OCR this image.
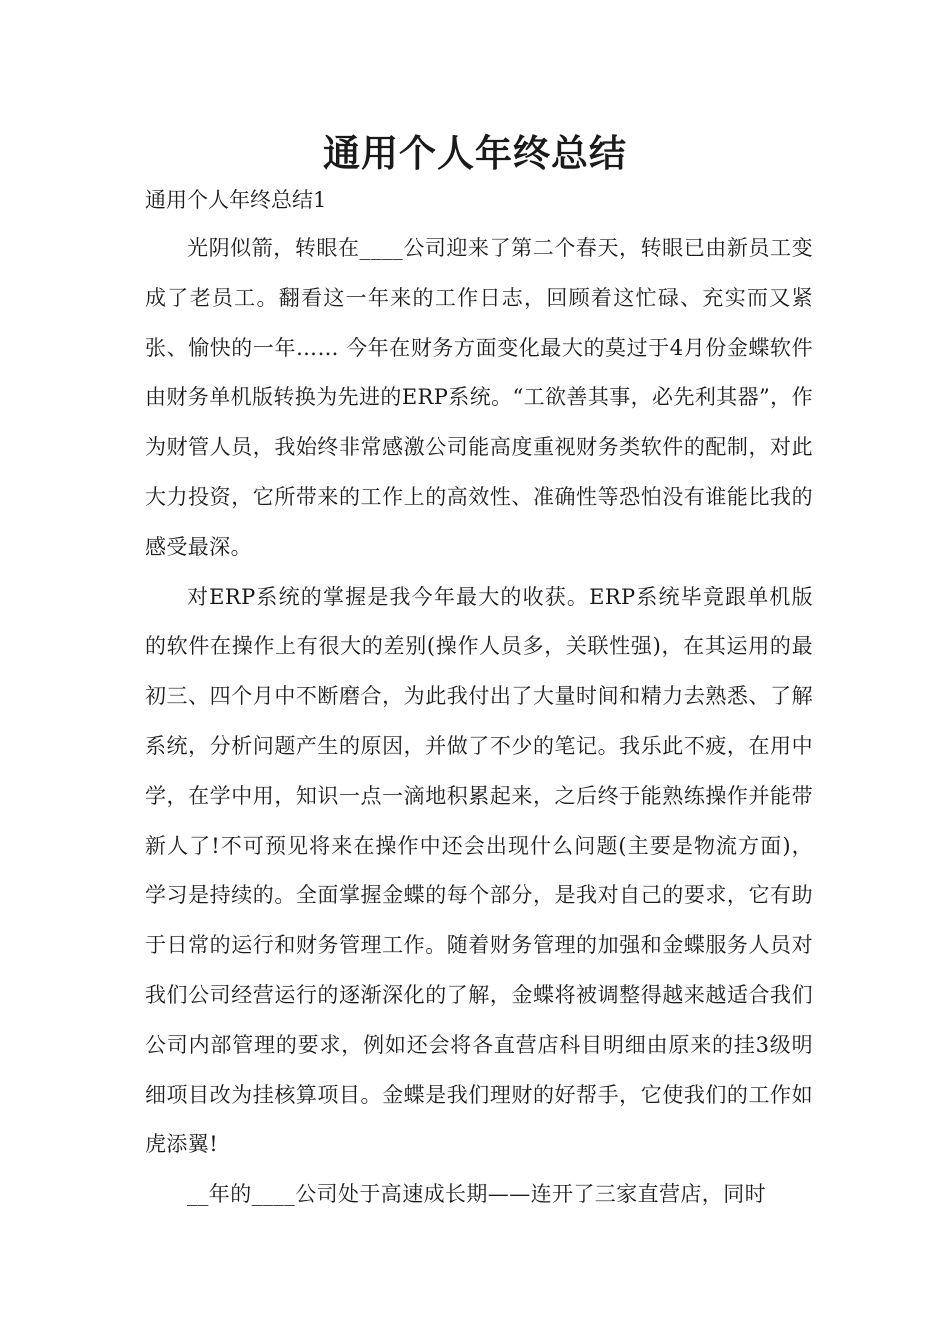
通用个人年终总结
通用个人年终总结1

光阴似箭，转眼在____公司迎来了第二个春天，转眼已由新员工变成了老员工。翻看这一年来的工作日志，回顾着这忙碌、充实而又紧张、愉快的一年…… 今年在财务方面变化最大的莫过于4月份金蝶软件由财务单机版转换为先进的ERP系统。“工欲善其事，必先利其器”，作为财管人员，我始终非常感激公司能高度重视财务类软件的配制，对此大力投资，它所带来的工作上的高效性、准确性等恐怕没有谁能比我的感受最深。

对ERP系统的掌握是我今年最大的收获。ERP系统毕竟跟单机版的软件在操作上有很大的差别(操作人员多，关联性强)，在其运用的最初三、四个月中不断磨合，为此我付出了大量时间和精力去熟悉、了解系统，分析问题产生的原因，并做了不少的笔记。我乐此不疲，在用中学，在学中用，知识一点一滴地积累起来，之后终于能熟练操作并能带新人了!不可预见将来在操作中还会出现什么问题(主要是物流方面)，学习是持续的。全面掌握金蝶的每个部分，是我对自己的要求，它有助于日常的运行和财务管理工作。随着财务管理的加强和金蝶服务人员对我们公司经营运行的逐渐深化的了解，金蝶将被调整得越来越适合我们公司内部管理的要求，例如还会将各直营店科目明细由原来的挂3级明细项目改为挂核算项目。金蝶是我们理财的好帮手，它使我们的工作如虎添翼!

__年的____公司处于高速成长期——连开了三家直营店，同时
